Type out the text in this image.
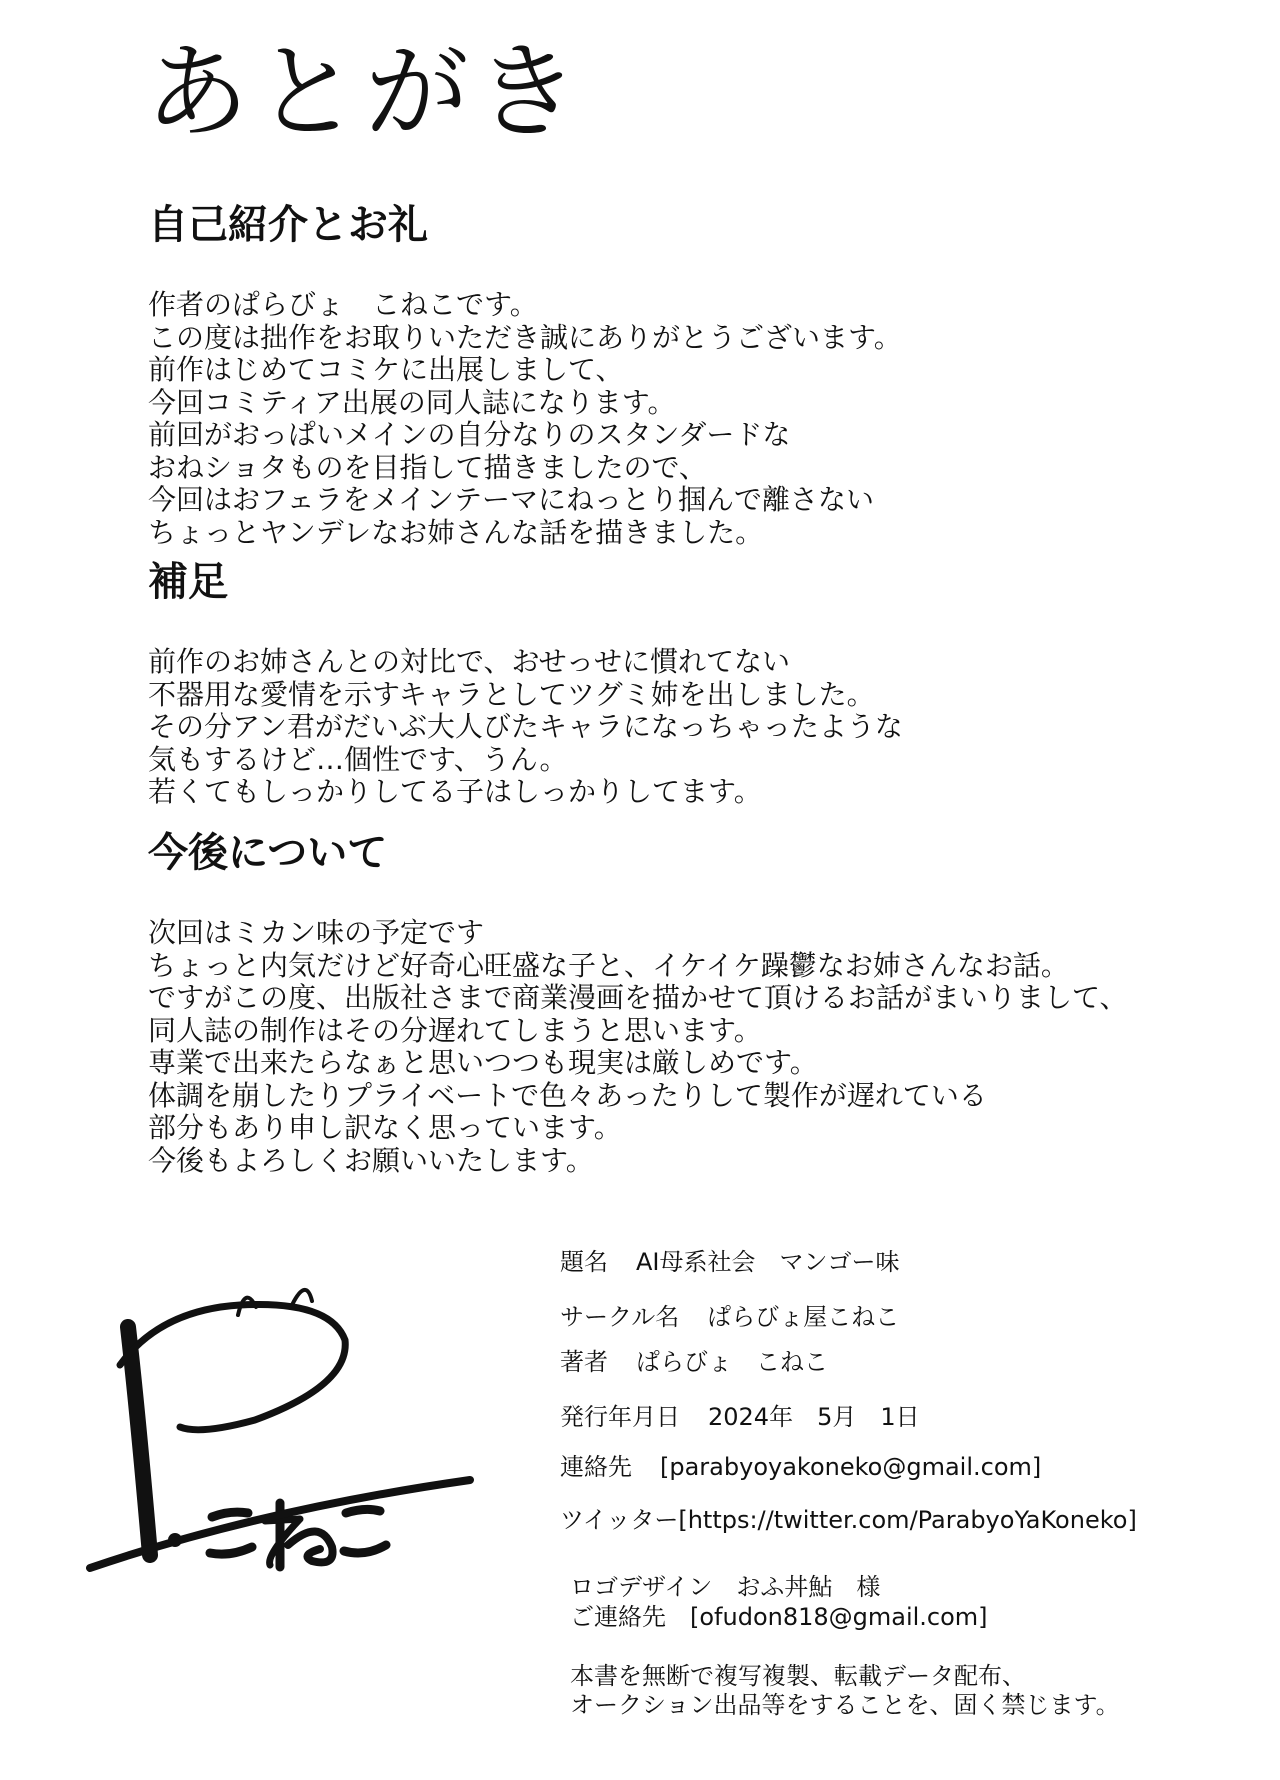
あとがき
自己紹介とお礼
作者のぱらびょ　こねこです。
この度は拙作をお取りいただき誠にありがとうございます。
前作はじめてコミケに出展しまして、
今回コミティア出展の同人誌になります。
前回がおっぱいメインの自分なりのスタンダードな
おねショタものを目指して描きましたので、
今回はおフェラをメインテーマにねっとり掴んで離さない
ちょっとヤンデレなお姉さんな話を描きました。
補足
前作のお姉さんとの対比で、おせっせに慣れてない
不器用な愛情を示すキャラとしてツグミ姉を出しました。
その分アン君がだいぶ大人びたキャラになっちゃったような
気もするけど…個性です、うん。
若くてもしっかりしてる子はしっかりしてます。
今後について
次回はミカン味の予定です
ちょっと内気だけど好奇心旺盛な子と、イケイケ躁鬱なお姉さんなお話。
ですがこの度、出版社さまで商業漫画を描かせて頂けるお話がまいりまして、
同人誌の制作はその分遅れてしまうと思います。
専業で出来たらなぁと思いつつも現実は厳しめです。
体調を崩したりプライベートで色々あったりして製作が遅れている
部分もあり申し訳なく思っています。
今後もよろしくお願いいたします。
題名 AI母系社会　マンゴー味
サークル名 ぱらびょ屋こねこ
著者 ぱらびょ　こねこ
発行年月日 2024年　5月　1日
連絡先 [parabyoyakoneko@gmail.com]
ツイッター[https://twitter.com/ParabyoYaKoneko]
ロゴデザイン　おふ丼鮎　様
ご連絡先　[ofudon818@gmail.com]
本書を無断で複写複製、転載データ配布、
オークション出品等をすることを、固く禁じます。
